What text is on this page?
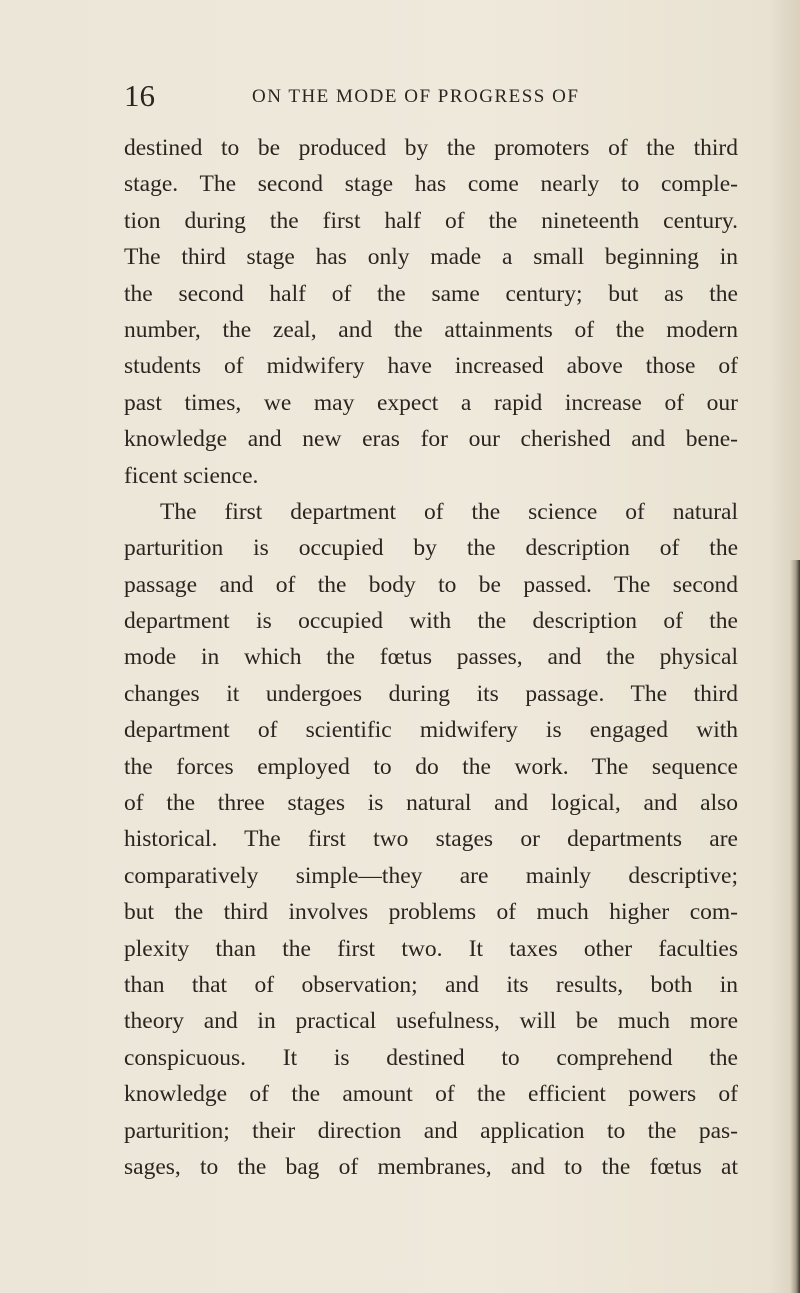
16	ON THE MODE OF PROGRESS OF
destined to be produced by the promoters of the third
stage. The second stage has come nearly to comple-
tion during the first half of the nineteenth century.
The third stage has only made a small beginning in
the second half of the same century; but as the
number, the zeal, and the attainments of the modern
students of midwifery have increased above those of
past times, we may expect a rapid increase of our
knowledge and new eras for our cherished and bene-
ficent science.
The first department of the science of natural
parturition is occupied by the description of the
passage and of the body to be passed. The second
department is occupied with the description of the
mode in which the fœtus passes, and the physical
changes it undergoes during its passage. The third
department of scientific midwifery is engaged with
the forces employed to do the work. The sequence
of the three stages is natural and logical, and also
historical. The first two stages or departments are
comparatively simple—they are mainly descriptive;
but the third involves problems of much higher com-
plexity than the first two. It taxes other faculties
than that of observation; and its results, both in
theory and in practical usefulness, will be much more
conspicuous. It is destined to comprehend the
knowledge of the amount of the efficient powers of
parturition; their direction and application to the pas-
sages, to the bag of membranes, and to the fœtus at
